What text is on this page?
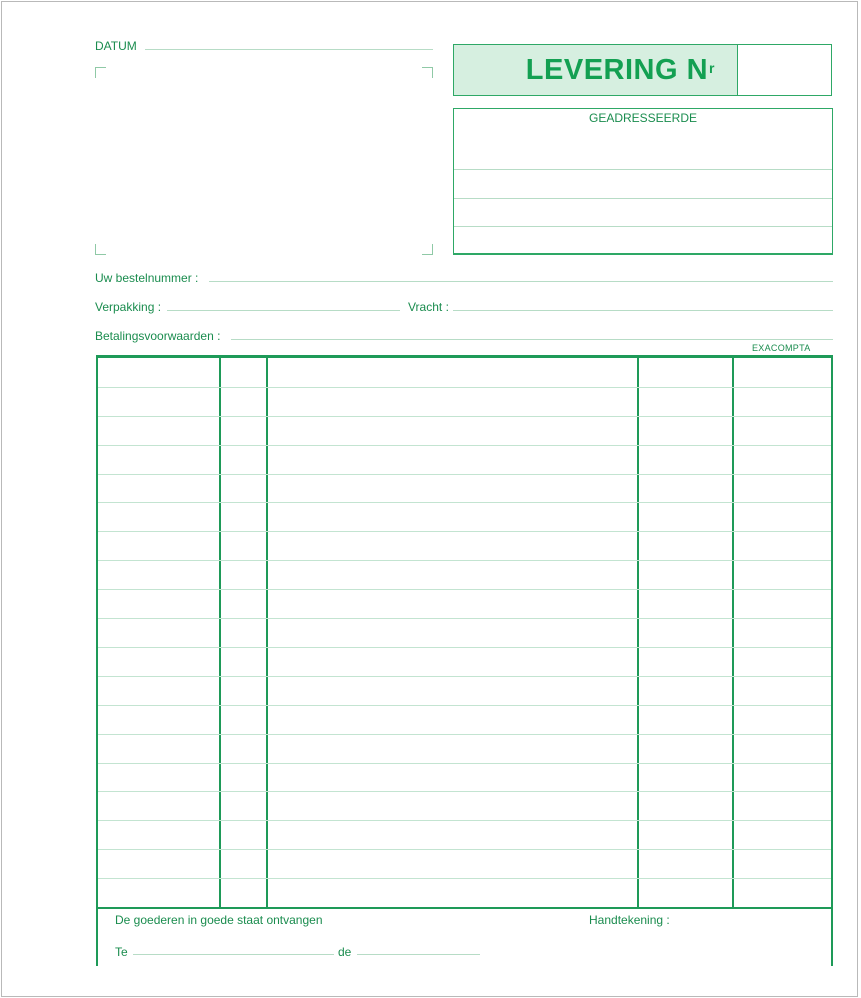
DATUM
LEVERING $N^r$
GEADRESSEERDE
Uw bestelnummer :
Verpakking :	Vracht :
Betalingsvoorwaarden :
EXACOMPTA
De goederen in goede staat ontvangen	Handtekening :
Te	de
